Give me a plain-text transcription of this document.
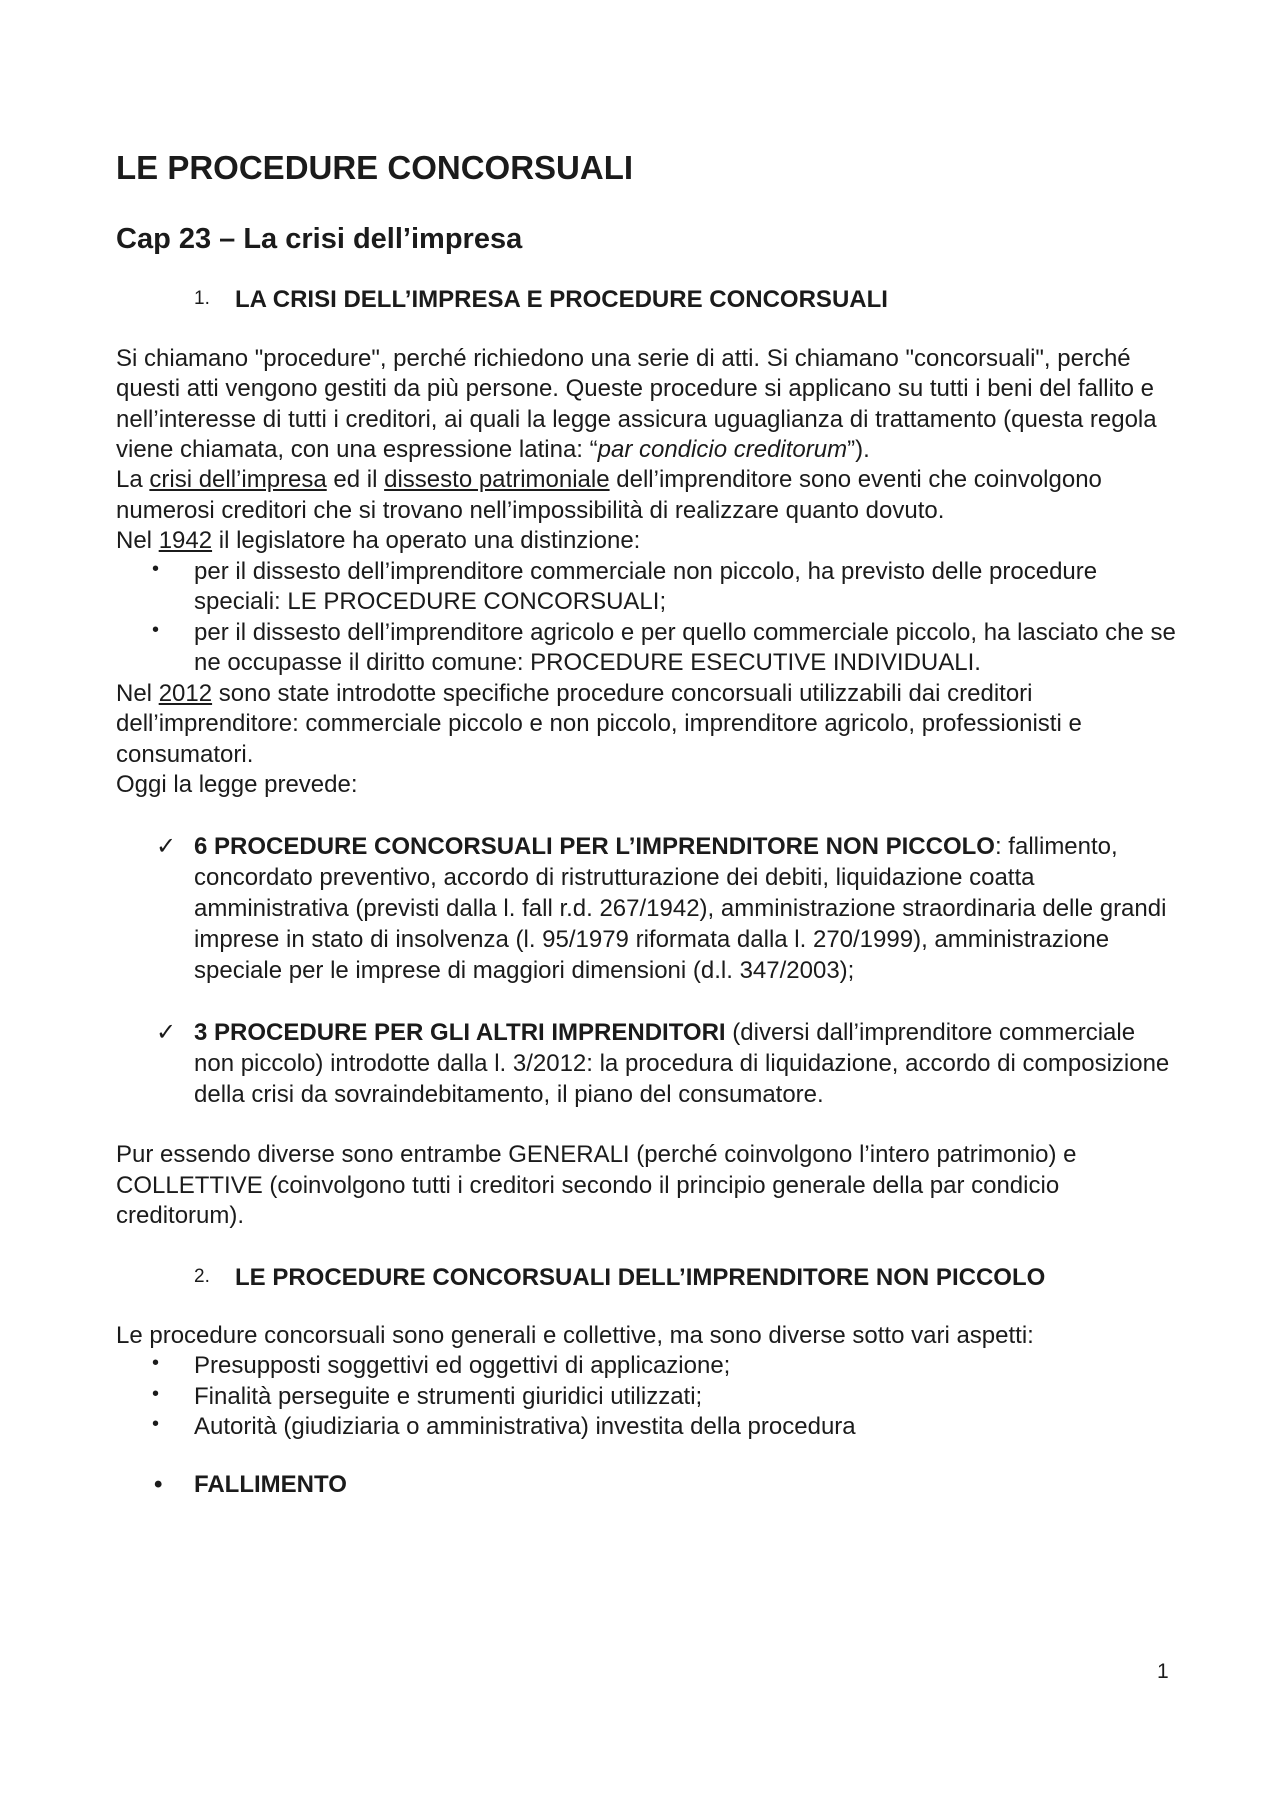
LE PROCEDURE CONCORSUALI
Cap 23 – La crisi dell’impresa
1.	LA CRISI DELL’IMPRESA E PROCEDURE CONCORSUALI

Si chiamano "procedure", perché richiedono una serie di atti. Si chiamano "concorsuali", perché questi atti vengono gestiti da più persone. Queste procedure si applicano su tutti i beni del fallito e nell’interesse di tutti i creditori, ai quali la legge assicura uguaglianza di trattamento (questa regola viene chiamata, con una espressione latina: “par condicio creditorum”).

La crisi dell’impresa ed il dissesto patrimoniale dell’imprenditore sono eventi che coinvolgono numerosi creditori che si trovano nell’impossibilità di realizzare quanto dovuto.

Nel 1942 il legislatore ha operato una distinzione:

• per il dissesto dell’imprenditore commerciale non piccolo, ha previsto delle procedure speciali: LE PROCEDURE CONCORSUALI;
• per il dissesto dell’imprenditore agricolo e per quello commerciale piccolo, ha lasciato che se ne occupasse il diritto comune: PROCEDURE ESECUTIVE INDIVIDUALI.

Nel 2012 sono state introdotte specifiche procedure concorsuali utilizzabili dai creditori dell’imprenditore: commerciale piccolo e non piccolo, imprenditore agricolo, professionisti e consumatori.

Oggi la legge prevede:

✓ 6 PROCEDURE CONCORSUALI PER L’IMPRENDITORE NON PICCOLO: fallimento, concordato preventivo, accordo di ristrutturazione dei debiti, liquidazione coatta amministrativa (previsti dalla l. fall r.d. 267/1942), amministrazione straordinaria delle grandi imprese in stato di insolvenza (l. 95/1979 riformata dalla l. 270/1999), amministrazione speciale per le imprese di maggiori dimensioni (d.l. 347/2003);
✓ 3 PROCEDURE PER GLI ALTRI IMPRENDITORI (diversi dall’imprenditore commerciale non piccolo) introdotte dalla l. 3/2012: la procedura di liquidazione, accordo di composizione della crisi da sovraindebitamento, il piano del consumatore.

Pur essendo diverse sono entrambe GENERALI (perché coinvolgono l’intero patrimonio) e COLLETTIVE (coinvolgono tutti i creditori secondo il principio generale della par condicio creditorum).

2.	LE PROCEDURE CONCORSUALI DELL’IMPRENDITORE NON PICCOLO

Le procedure concorsuali sono generali e collettive, ma sono diverse sotto vari aspetti:

• Presupposti soggettivi ed oggettivi di applicazione;
• Finalità perseguite e strumenti giuridici utilizzati;
• Autorità (giudiziaria o amministrativa) investita della procedura
• FALLIMENTO
1
